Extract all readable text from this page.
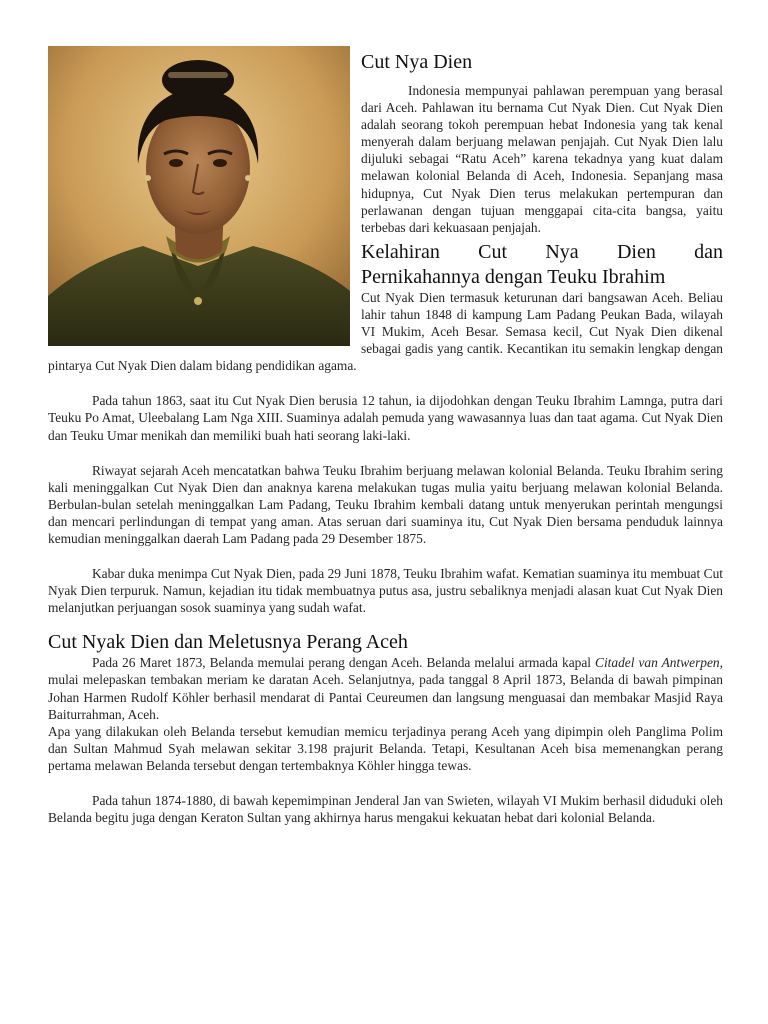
Cut Nya Dien

Indonesia mempunyai pahlawan perempuan yang berasal dari Aceh. Pahlawan itu bernama Cut Nyak Dien. Cut Nyak Dien adalah seorang tokoh perempuan hebat Indonesia yang tak kenal menyerah dalam berjuang melawan penjajah. Cut Nyak Dien lalu dijuluki sebagai “Ratu Aceh” karena tekadnya yang kuat dalam melawan kolonial Belanda di Aceh, Indonesia. Sepanjang masa hidupnya, Cut Nyak Dien terus melakukan pertempuran dan perlawanan dengan tujuan menggapai cita-cita bangsa, yaitu terbebas dari kekuasaan penjajah.

Kelahiran Cut Nya Dien dan
Pernikahannya dengan Teuku Ibrahim

Cut Nyak Dien termasuk keturunan dari bangsawan Aceh. Beliau lahir tahun 1848 di kampung Lam Padang Peukan Bada, wilayah VI Mukim, Aceh Besar. Semasa kecil, Cut Nyak Dien dikenal sebagai gadis yang cantik. Kecantikan itu semakin lengkap dengan pintarya Cut Nyak Dien dalam bidang pendidikan agama.

Pada tahun 1863, saat itu Cut Nyak Dien berusia 12 tahun, ia dijodohkan dengan Teuku Ibrahim Lamnga, putra dari Teuku Po Amat, Uleebalang Lam Nga XIII. Suaminya adalah pemuda yang wawasannya luas dan taat agama. Cut Nyak Dien dan Teuku Umar menikah dan memiliki buah hati seorang laki-laki.

Riwayat sejarah Aceh mencatatkan bahwa Teuku Ibrahim berjuang melawan kolonial Belanda. Teuku Ibrahim sering kali meninggalkan Cut Nyak Dien dan anaknya karena melakukan tugas mulia yaitu berjuang melawan kolonial Belanda. Berbulan-bulan setelah meninggalkan Lam Padang, Teuku Ibrahim kembali datang untuk menyerukan perintah mengungsi dan mencari perlindungan di tempat yang aman. Atas seruan dari suaminya itu, Cut Nyak Dien bersama penduduk lainnya kemudian meninggalkan daerah Lam Padang pada 29 Desember 1875.

Kabar duka menimpa Cut Nyak Dien, pada 29 Juni 1878, Teuku Ibrahim wafat. Kematian suaminya itu membuat Cut Nyak Dien terpuruk. Namun, kejadian itu tidak membuatnya putus asa, justru sebaliknya menjadi alasan kuat Cut Nyak Dien melanjutkan perjuangan sosok suaminya yang sudah wafat.

Cut Nyak Dien dan Meletusnya Perang Aceh

Pada 26 Maret 1873, Belanda memulai perang dengan Aceh. Belanda melalui armada kapal Citadel van Antwerpen, mulai melepaskan tembakan meriam ke daratan Aceh. Selanjutnya, pada tanggal 8 April 1873, Belanda di bawah pimpinan Johan Harmen Rudolf Köhler berhasil mendarat di Pantai Ceureumen dan langsung menguasai dan membakar Masjid Raya Baiturrahman, Aceh.

Apa yang dilakukan oleh Belanda tersebut kemudian memicu terjadinya perang Aceh yang dipimpin oleh Panglima Polim dan Sultan Mahmud Syah melawan sekitar 3.198 prajurit Belanda. Tetapi, Kesultanan Aceh bisa memenangkan perang pertama melawan Belanda tersebut dengan tertembaknya Köhler hingga tewas.

Pada tahun 1874-1880, di bawah kepemimpinan Jenderal Jan van Swieten, wilayah VI Mukim berhasil diduduki oleh Belanda begitu juga dengan Keraton Sultan yang akhirnya harus mengakui kekuatan hebat dari kolonial Belanda.
